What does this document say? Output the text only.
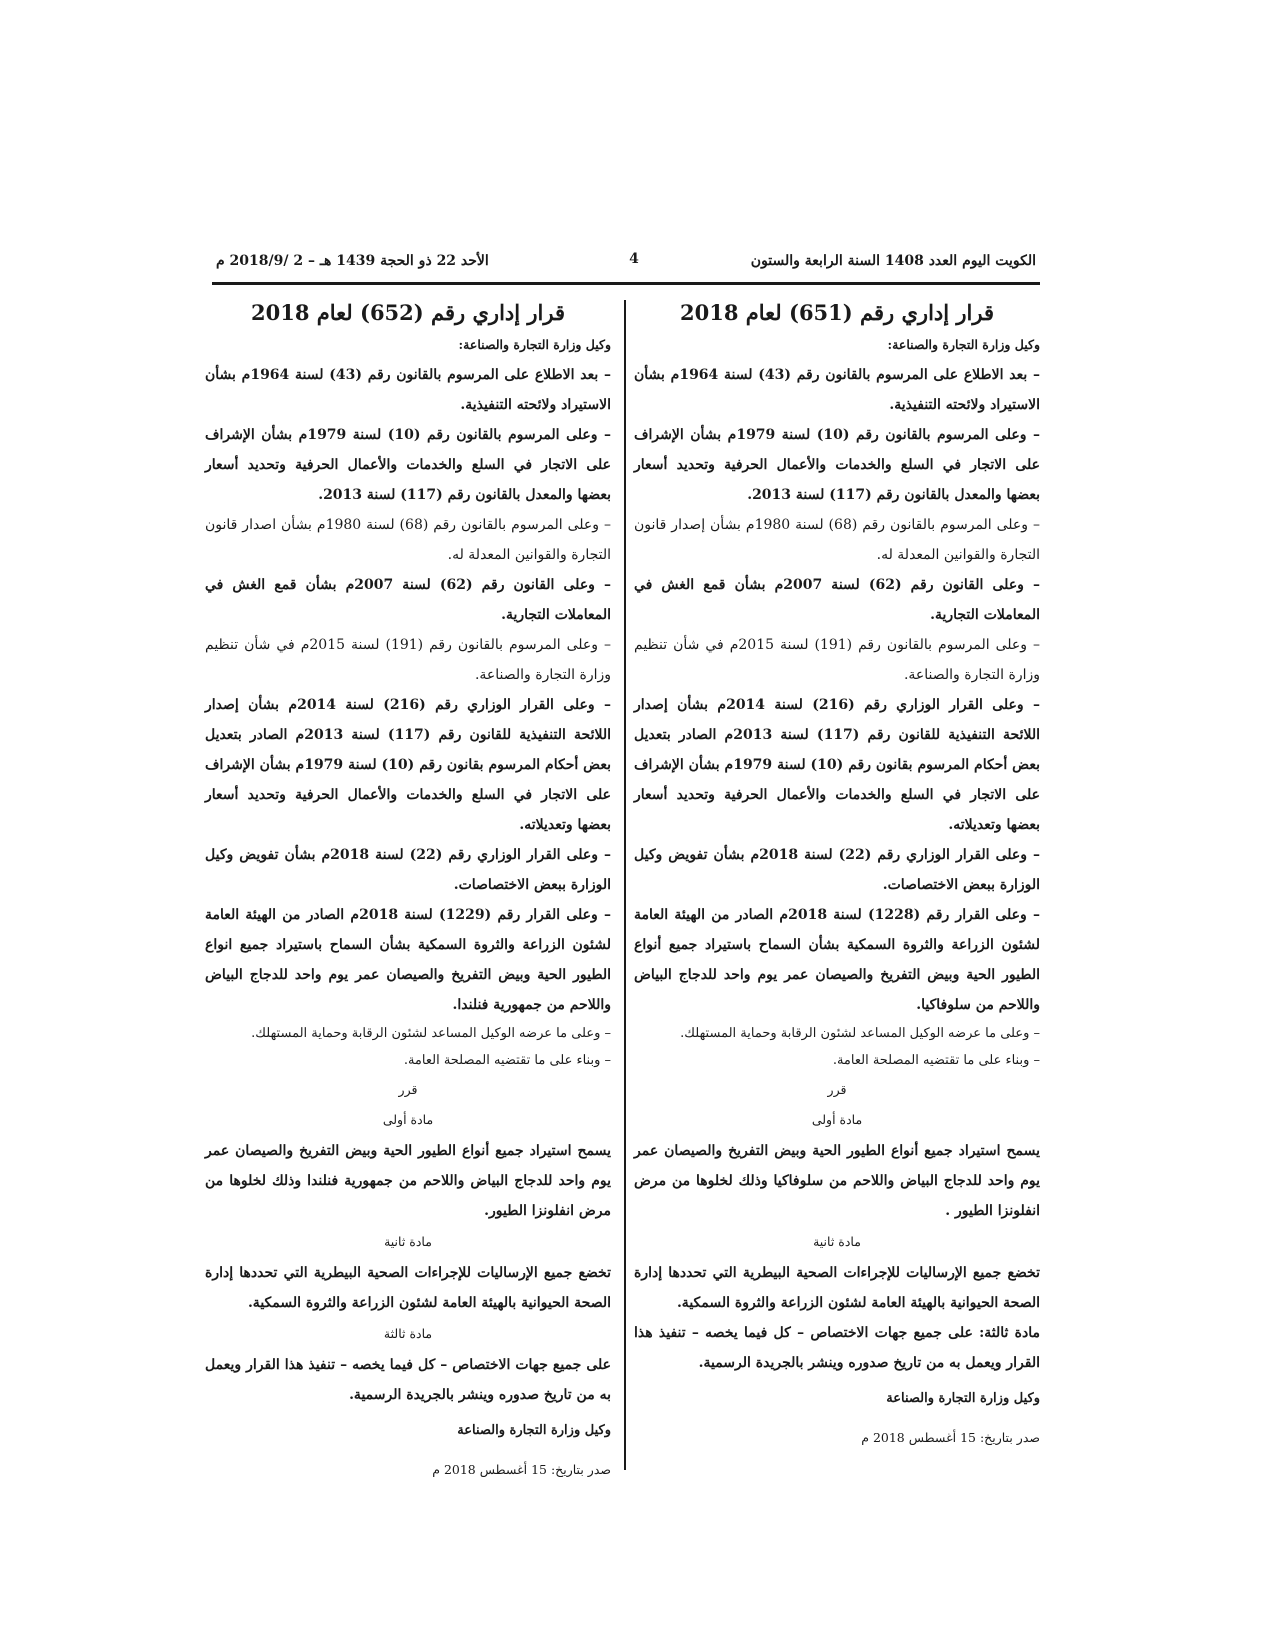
الأحد 22 ذو الحجة 1439 هـ – 2 /2018/9 م	4	الكويت اليوم العدد 1408 السنة الرابعة والستون
قرار إداري رقم (651) لعام 2018
وكيل وزارة التجارة والصناعة:

– بعد الاطلاع على المرسوم بالقانون رقم (43) لسنة 1964م بشأن الاستيراد ولائحته التنفيذية.

– وعلى المرسوم بالقانون رقم (10) لسنة 1979م بشأن الإشراف على الاتجار في السلع والخدمات والأعمال الحرفية وتحديد أسعار بعضها والمعدل بالقانون رقم (117) لسنة 2013.

– وعلى المرسوم بالقانون رقم (68) لسنة 1980م بشأن إصدار قانون التجارة والقوانين المعدلة له.

– وعلى القانون رقم (62) لسنة 2007م بشأن قمع الغش في المعاملات التجارية.

– وعلى المرسوم بالقانون رقم (191) لسنة 2015م في شأن تنظيم وزارة التجارة والصناعة.

– وعلى القرار الوزاري رقم (216) لسنة 2014م بشأن إصدار اللائحة التنفيذية للقانون رقم (117) لسنة 2013م الصادر بتعديل بعض أحكام المرسوم بقانون رقم (10) لسنة 1979م بشأن الإشراف على الاتجار في السلع والخدمات والأعمال الحرفية وتحديد أسعار بعضها وتعديلاته.

– وعلى القرار الوزاري رقم (22) لسنة 2018م بشأن تفويض وكيل الوزارة ببعض الاختصاصات.

– وعلى القرار رقم (1228) لسنة 2018م الصادر من الهيئة العامة لشئون الزراعة والثروة السمكية بشأن السماح باستيراد جميع أنواع الطيور الحية وبيض التفريخ والصيصان عمر يوم واحد للدجاج البياض واللاحم من سلوفاكيا.

– وعلى ما عرضه الوكيل المساعد لشئون الرقابة وحماية المستهلك.

– وبناء على ما تقتضيه المصلحة العامة.

قرر
مادة أولى

يسمح استيراد جميع أنواع الطيور الحية وبيض التفريخ والصيصان عمر يوم واحد للدجاج البياض واللاحم من سلوفاكيا وذلك لخلوها من مرض انفلونزا الطيور .

مادة ثانية

تخضع جميع الإرساليات للإجراءات الصحية البيطرية التي تحددها إدارة الصحة الحيوانية بالهيئة العامة لشئون الزراعة والثروة السمكية.

مادة ثالثة: على جميع جهات الاختصاص – كل فيما يخصه – تنفيذ هذا القرار ويعمل به من تاريخ صدوره وينشر بالجريدة الرسمية.

وكيل وزارة التجارة والصناعة
صدر بتاريخ: 15 أغسطس 2018 م
قرار إداري رقم (652) لعام 2018
وكيل وزارة التجارة والصناعة:

– بعد الاطلاع على المرسوم بالقانون رقم (43) لسنة 1964م بشأن الاستيراد ولائحته التنفيذية.

– وعلى المرسوم بالقانون رقم (10) لسنة 1979م بشأن الإشراف على الاتجار في السلع والخدمات والأعمال الحرفية وتحديد أسعار بعضها والمعدل بالقانون رقم (117) لسنة 2013.

– وعلى المرسوم بالقانون رقم (68) لسنة 1980م بشأن اصدار قانون التجارة والقوانين المعدلة له.

– وعلى القانون رقم (62) لسنة 2007م بشأن قمع الغش في المعاملات التجارية.

– وعلى المرسوم بالقانون رقم (191) لسنة 2015م في شأن تنظيم وزارة التجارة والصناعة.

– وعلى القرار الوزاري رقم (216) لسنة 2014م بشأن إصدار اللائحة التنفيذية للقانون رقم (117) لسنة 2013م الصادر بتعديل بعض أحكام المرسوم بقانون رقم (10) لسنة 1979م بشأن الإشراف على الاتجار في السلع والخدمات والأعمال الحرفية وتحديد أسعار بعضها وتعديلاته.

– وعلى القرار الوزاري رقم (22) لسنة 2018م بشأن تفويض وكيل الوزارة ببعض الاختصاصات.

– وعلى القرار رقم (1229) لسنة 2018م الصادر من الهيئة العامة لشئون الزراعة والثروة السمكية بشأن السماح باستيراد جميع انواع الطيور الحية وبيض التفريخ والصيصان عمر يوم واحد للدجاج البياض واللاحم من جمهورية فنلندا.

– وعلى ما عرضه الوكيل المساعد لشئون الرقابة وحماية المستهلك.

– وبناء على ما تقتضيه المصلحة العامة.

قرر
مادة أولى

يسمح استيراد جميع أنواع الطيور الحية وبيض التفريخ والصيصان عمر يوم واحد للدجاج البياض واللاحم من جمهورية فنلندا وذلك لخلوها من مرض انفلونزا الطيور.

مادة ثانية

تخضع جميع الإرساليات للإجراءات الصحية البيطرية التي تحددها إدارة الصحة الحيوانية بالهيئة العامة لشئون الزراعة والثروة السمكية.

مادة ثالثة

على جميع جهات الاختصاص – كل فيما يخصه – تنفيذ هذا القرار ويعمل به من تاريخ صدوره وينشر بالجريدة الرسمية.

وكيل وزارة التجارة والصناعة
صدر بتاريخ: 15 أغسطس 2018 م
